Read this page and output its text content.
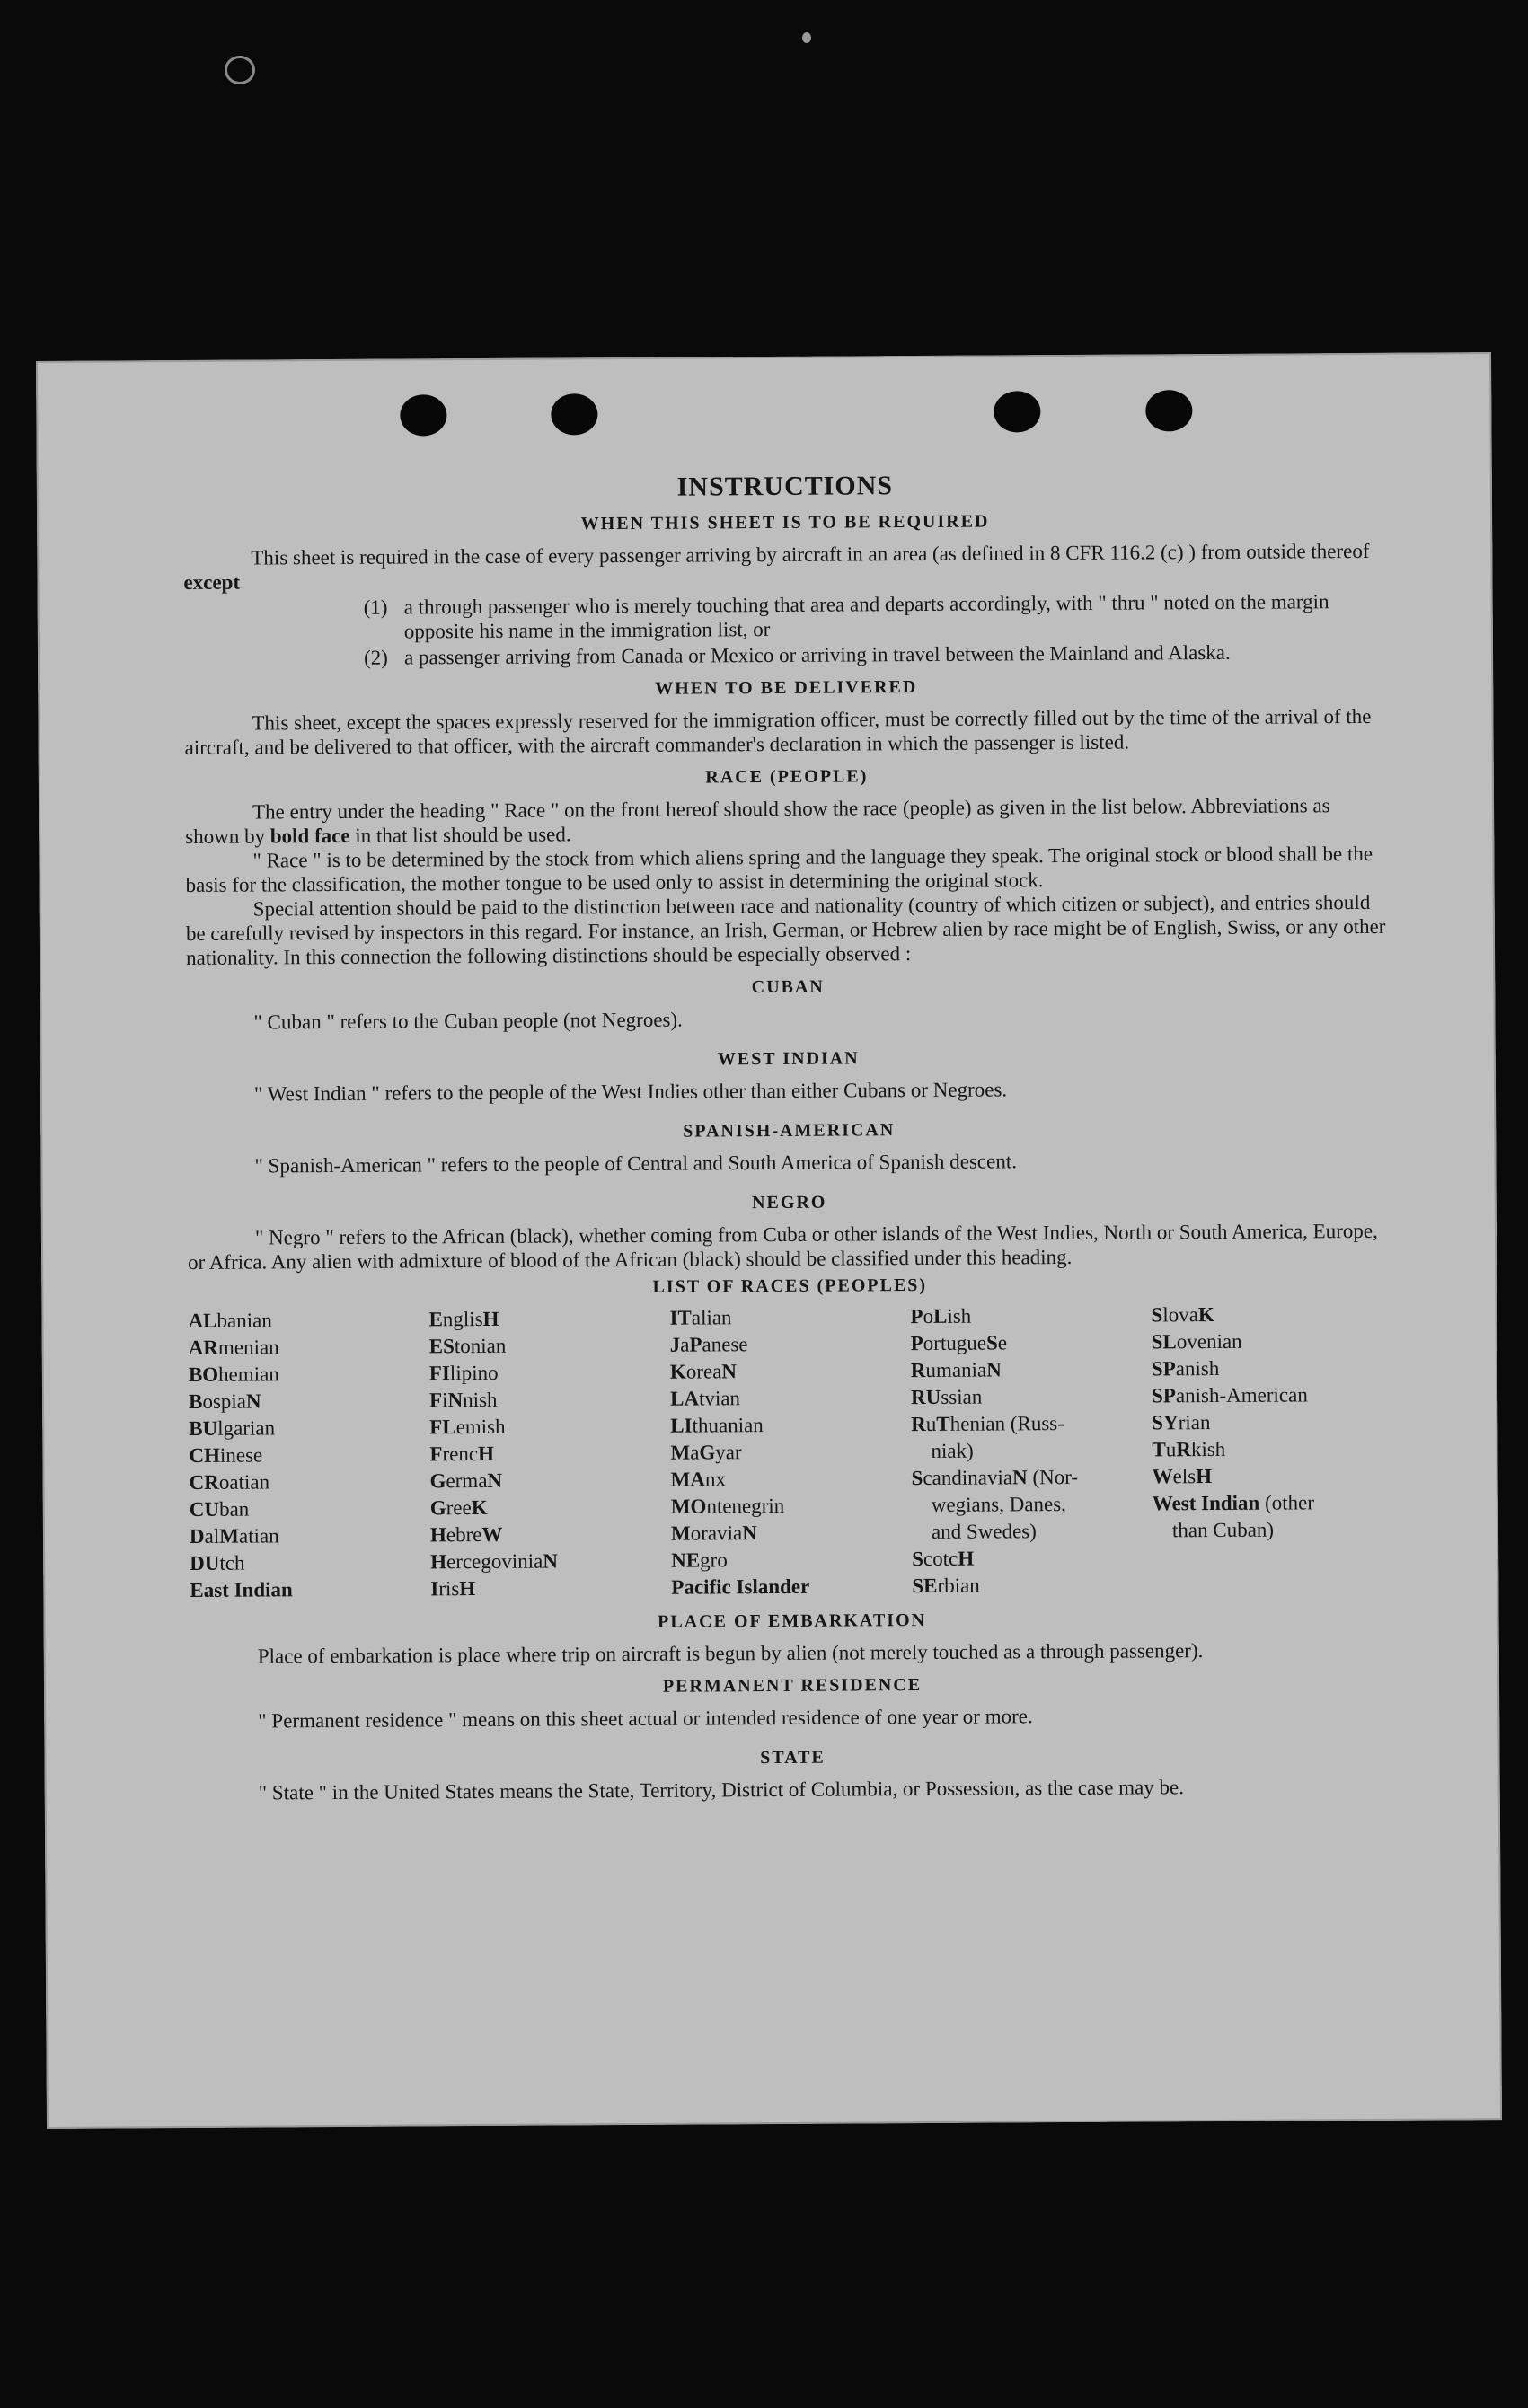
INSTRUCTIONS
WHEN THIS SHEET IS TO BE REQUIRED

This sheet is required in the case of every passenger arriving by aircraft in an area (as defined in 8 CFR 116.2 (c) ) from outside thereof except

(1) a through passenger who is merely touching that area and departs accordingly, with " thru " noted on the margin opposite his name in the immigration list, or
(2) a passenger arriving from Canada or Mexico or arriving in travel between the Mainland and Alaska.
WHEN TO BE DELIVERED

This sheet, except the spaces expressly reserved for the immigration officer, must be correctly filled out by the time of the arrival of the aircraft, and be delivered to that officer, with the aircraft commander's declaration in which the passenger is listed.

RACE (PEOPLE)

The entry under the heading " Race " on the front hereof should show the race (people) as given in the list below. Abbreviations as shown by bold face in that list should be used.

" Race " is to be determined by the stock from which aliens spring and the language they speak. The original stock or blood shall be the basis for the classification, the mother tongue to be used only to assist in determining the original stock.

Special attention should be paid to the distinction between race and nationality (country of which citizen or subject), and entries should be carefully revised by inspectors in this regard. For instance, an Irish, German, or Hebrew alien by race might be of English, Swiss, or any other nationality. In this connection the following distinctions should be especially observed :

CUBAN

" Cuban " refers to the Cuban people (not Negroes).

WEST INDIAN

" West Indian " refers to the people of the West Indies other than either Cubans or Negroes.

SPANISH-AMERICAN

" Spanish-American " refers to the people of Central and South America of Spanish descent.

NEGRO

" Negro " refers to the African (black), whether coming from Cuba or other islands of the West Indies, North or South America, Europe, or Africa. Any alien with admixture of blood of the African (black) should be classified under this heading.

LIST OF RACES (PEOPLES)
ALbanian
ARmenian
BOhemian
BospiaN
BUlgarian
CHinese
CRoatian
CUban
DalMatian
DUtch
East Indian
EnglisH
EStonian
FIlipino
FiNnish
FLemish
FrencH
GermaN
GreeK
HebreW
HercegoviniaN
IrisH
ITalian
JaPanese
KoreaN
LAtvian
LIthuanian
MaGyar
MAnx
MOntenegrin
MoraviaN
NEgro
Pacific Islander
PoLish
PortugueSe
RumaniaN
RUssian
RuThenian (Russ-
niak)
ScandinaviaN (Nor-
wegians, Danes,
and Swedes)
ScotcH
SErbian
SlovaK
SLovenian
SPanish
SPanish-American
SYrian
TuRkish
WelsH
West Indian (other
than Cuban)
PLACE OF EMBARKATION

Place of embarkation is place where trip on aircraft is begun by alien (not merely touched as a through passenger).

PERMANENT RESIDENCE

" Permanent residence " means on this sheet actual or intended residence of one year or more.

STATE

" State " in the United States means the State, Territory, District of Columbia, or Possession, as the case may be.
